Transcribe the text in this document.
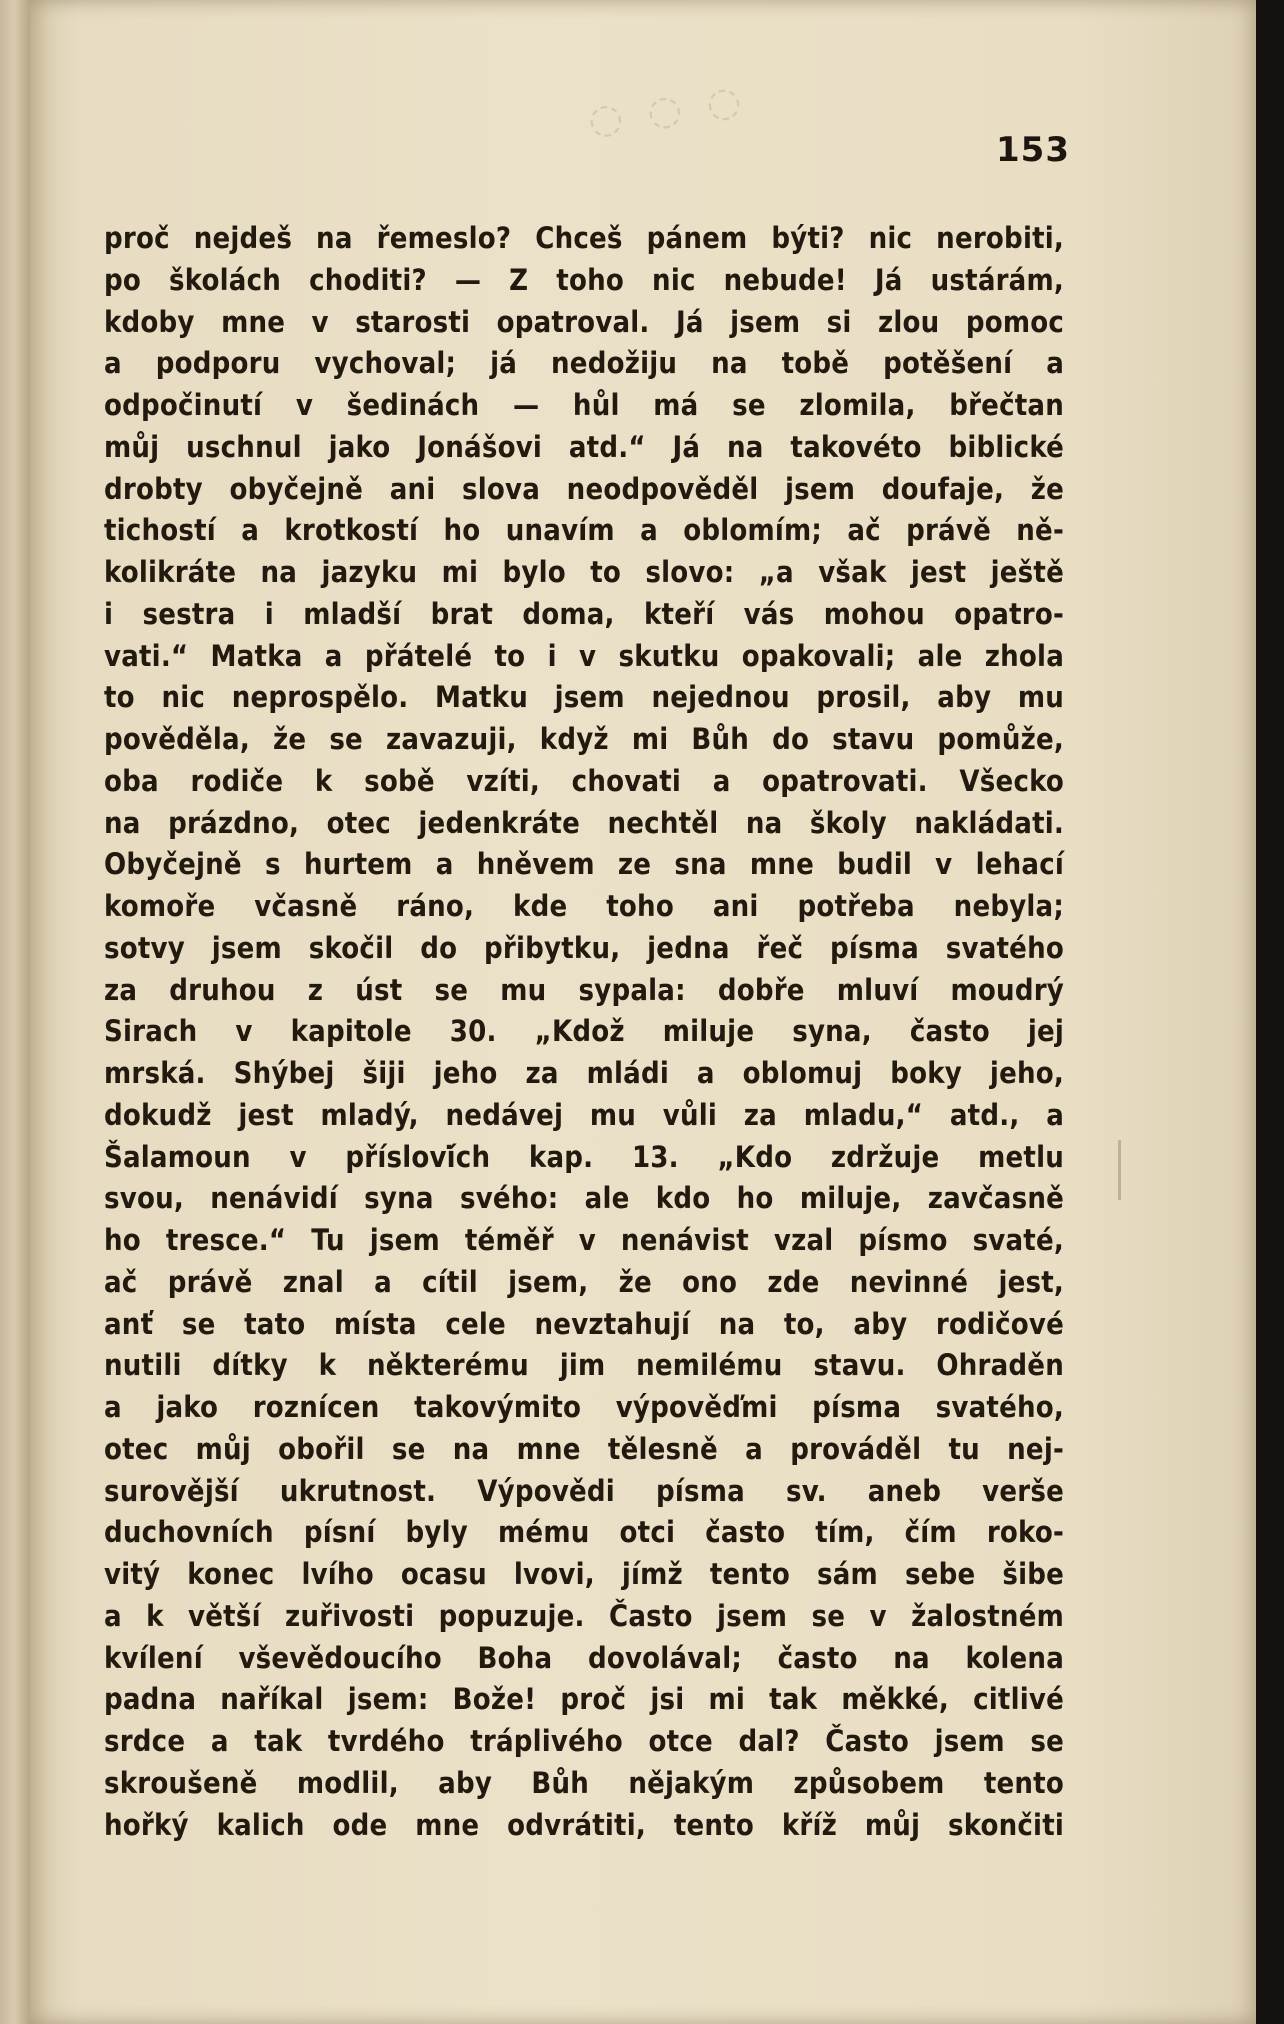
◌ ◌ ◌
153
proč nejdeš na řemeslo? Chceš pánem býti? nic nerobiti,
po školách choditi? — Z toho nic nebude! Já ustárám,
kdoby mne v starosti opatroval. Já jsem si zlou pomoc
a podporu vychoval; já nedožiju na tobě potěšení a
odpočinutí v šedinách — hůl má se zlomila, břečtan
můj uschnul jako Jonášovi atd.“ Já na takovéto biblické
drobty obyčejně ani slova neodpověděl jsem doufaje, že
tichostí a krotkostí ho unavím a oblomím; ač právě ně-
kolikráte na jazyku mi bylo to slovo: „a však jest ještě
i sestra i mladší brat doma, kteří vás mohou opatro-
vati.“ Matka a přátelé to i v skutku opakovali; ale zhola
to nic neprospělo. Matku jsem nejednou prosil, aby mu
pověděla, že se zavazuji, když mi Bůh do stavu pomůže,
oba rodiče k sobě vzíti, chovati a opatrovati. Všecko
na prázdno, otec jedenkráte nechtěl na školy nakládati.
Obyčejně s hurtem a hněvem ze sna mne budil v lehací
komoře včasně ráno, kde toho ani potřeba nebyla;
sotvy jsem skočil do přibytku, jedna řeč písma svatého
za druhou z úst se mu sypala: dobře mluví moudrý
Sirach v kapitole 30. „Kdož miluje syna, často jej
mrská. Shýbej šiji jeho za mládi a oblomuj boky jeho,
dokudž jest mladý, nedávej mu vůli za mladu,“ atd., a
Šalamoun v přísloví̇ch kap. 13. „Kdo zdržuje metlu
svou, nenávidí syna svého: ale kdo ho miluje, zavčasně
ho tresce.“ Tu jsem téměř v nenávist vzal písmo svaté,
ač právě znal a cítil jsem, že ono zde nevinné jest,
anť se tato místa cele nevztahují na to, aby rodičové
nutili dítky k některému jim nemilému stavu. Ohraděn
a jako roznícen takovýmito výpověďmi písma svatého,
otec můj obořil se na mne tělesně a prováděl tu nej-
surovější ukrutnost. Výpovědi písma sv. aneb verše
duchovních písní byly mému otci často tím, čím roko-
vitý konec lvího ocasu lvovi, jímž tento sám sebe šibe
a k větší zuřivosti popuzuje. Často jsem se v žalostném
kvílení vševědoucího Boha dovolával; často na kolena
padna naříkal jsem: Bože! proč jsi mi tak měkké, citlivé
srdce a tak tvrdého tráplivého otce dal? Často jsem se
skroušeně modlil, aby Bůh nějakým způsobem tento
hořký kalich ode mne odvrátiti, tento kříž můj skončiti
